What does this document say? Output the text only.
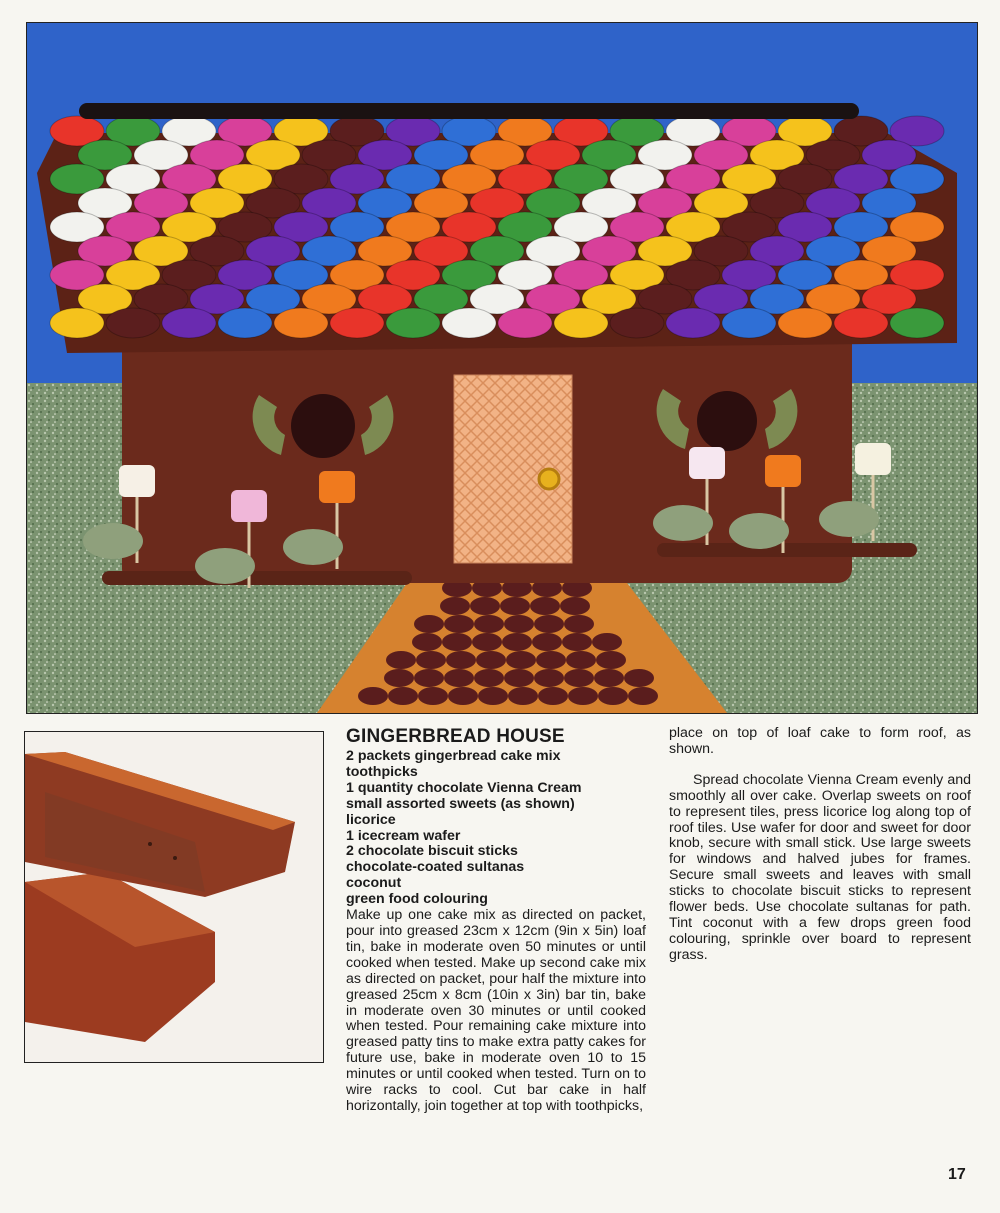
GINGERBREAD HOUSE
2 packets gingerbread cake mix
toothpicks
1 quantity chocolate Vienna Cream
small assorted sweets (as shown)
licorice
1 icecream wafer
2 chocolate biscuit sticks
chocolate-coated sultanas
coconut
green food colouring

Make up one cake mix as directed on packet, pour into greased 23cm x 12cm (9in x 5in) loaf tin, bake in moderate oven 50 minutes or until cooked when tested. Make up second cake mix as directed on packet, pour half the mixture into greased 25cm x 8cm (10in x 3in) bar tin, bake in moderate oven 30 minutes or until cooked when tested. Pour remaining cake mixture into greased patty tins to make extra patty cakes for future use, bake in moderate oven 10 to 15 minutes or until cooked when tested. Turn on to wire racks to cool. Cut bar cake in half horizontally, join together at top with toothpicks,

place on top of loaf cake to form roof, as shown.

Spread chocolate Vienna Cream evenly and smoothly all over cake. Overlap sweets on roof to represent tiles, press licorice log along top of roof tiles. Use wafer for door and sweet for door knob, secure with small stick. Use large sweets for windows and halved jubes for frames. Secure small sweets and leaves with small sticks to chocolate biscuit sticks to represent flower beds. Use chocolate sultanas for path. Tint coconut with a few drops green food colouring, sprinkle over board to represent grass.

17
